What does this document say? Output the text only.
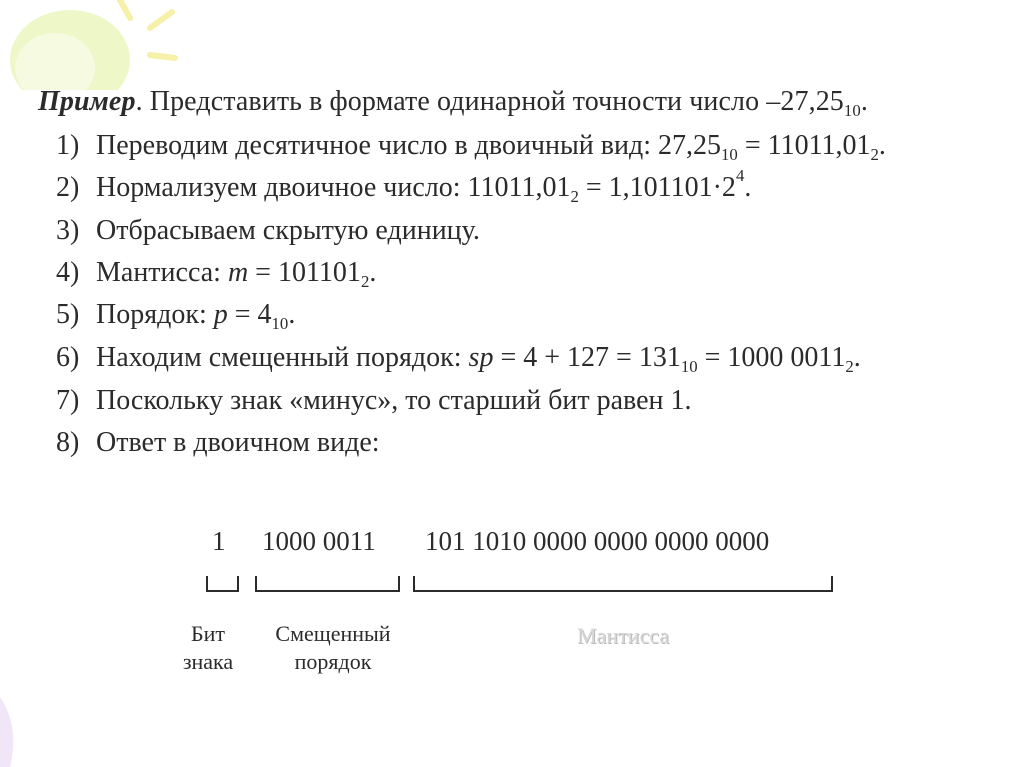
Пример. Представить в формате одинарной точности число $-27,25_{10}$.
1) Переводим десятичное число в двоичный вид: $27,25_{10} = 11011,01_2$.
2) Нормализуем двоичное число: $11011,01_2 = 1,101101\cdot 2^4$.
3) Отбрасываем скрытую единицу.
4) Мантисса: $m = 101101_2$.
5) Порядок: $p = 4_{10}$.
6) Находим смещенный порядок: sp = $4 + 127 = 131_{10} = 1000$ $0011_2$.
7) Поскольку знак «минус», то старший бит равен 1.
8) Ответ в двоичном виде:
1 1000 0011 101 1010 0000 0000 0000 0000
Бит
знака
Смещенный
порядок
Мантисса
